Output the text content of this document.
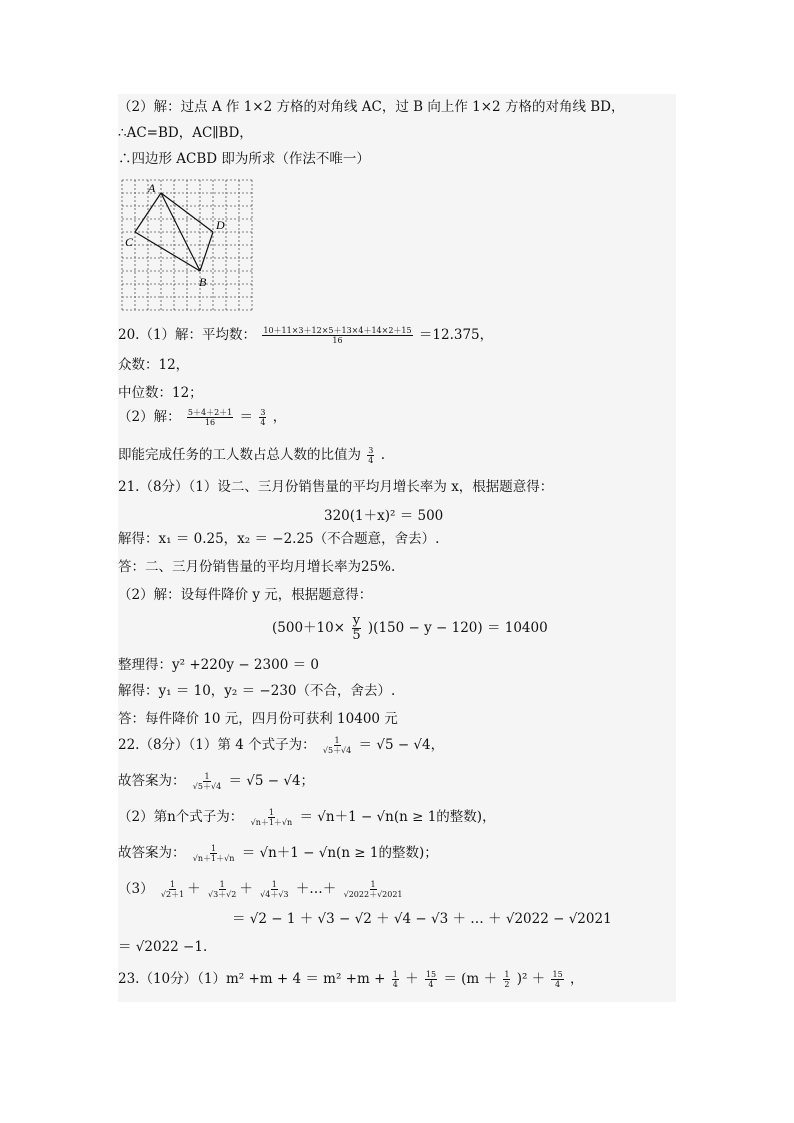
（2）解：过点 A 作 1×2 方格的对角线 AC，过 B 向上作 1×2 方格的对角线 BD，
∴AC=BD，AC∥BD，
∴四边形 ACBD 即为所求（作法不唯一）
A
D
C
B
20.（1）解：平均数： $\frac{10+11\times 3+12\times 5+13\times 4+14\times 2+15}{16} =12.375$，
众数：12，
中位数：12；
（2）解： $\frac{5+4+2+1}{16} = \frac{3}{4}$ ，
即能完成任务的工人数占总人数的比值为 $\frac{3}{4}$ .
21.（8分）（1）设二、三月份销售量的平均月增长率为 x，根据题意得：
320(1＋x)² ＝ 500
解得：x₁ ＝ 0.25，x₂ ＝ −2.25（不合题意，舍去）.
答：二、三月份销售量的平均月增长率为25%.
（2）解：设每件降价 y 元，根据题意得：
$(500+10\times \frac{y}{5} )(150 - y - 120) = 10400$
整理得：y² +220y − 2300 ＝ 0
解得：y₁ ＝ 10，y₂ ＝ −230（不合，舍去）.
答：每件降价 10 元，四月份可获利 10400 元
22.（8分）（1）第 4 个式子为： $\frac{1}{√5+√4} = √5 - √4$，
故答案为： $\frac{1}{√5+√4} = √5 - √4$；
（2）第n个式子为： $\frac{1}{√n+1+√n} = √n+1 - √n(n \ge 1$的整数)，
故答案为： $\frac{1}{√n+1+√n} = √n+1 - √n(n \ge 1$的整数)；
$(3) \frac{1}{√2+1} + \frac{1}{√3+√2} + \frac{1}{√4+√3}$ ＋…＋ $\frac{1}{√2022+√2021}$
＝ √2 − 1 ＋ √3 − √2 ＋ √4 − √3 ＋ … ＋ √2022 − √2021
＝ √2022 −1.
23.（10分）$(1)m^2 +m + 4 = m^2 +m + \frac{1}{4} + \frac{15}{4} = (m + \frac{1}{2} )^2 + \frac{15}{4}$ ，
